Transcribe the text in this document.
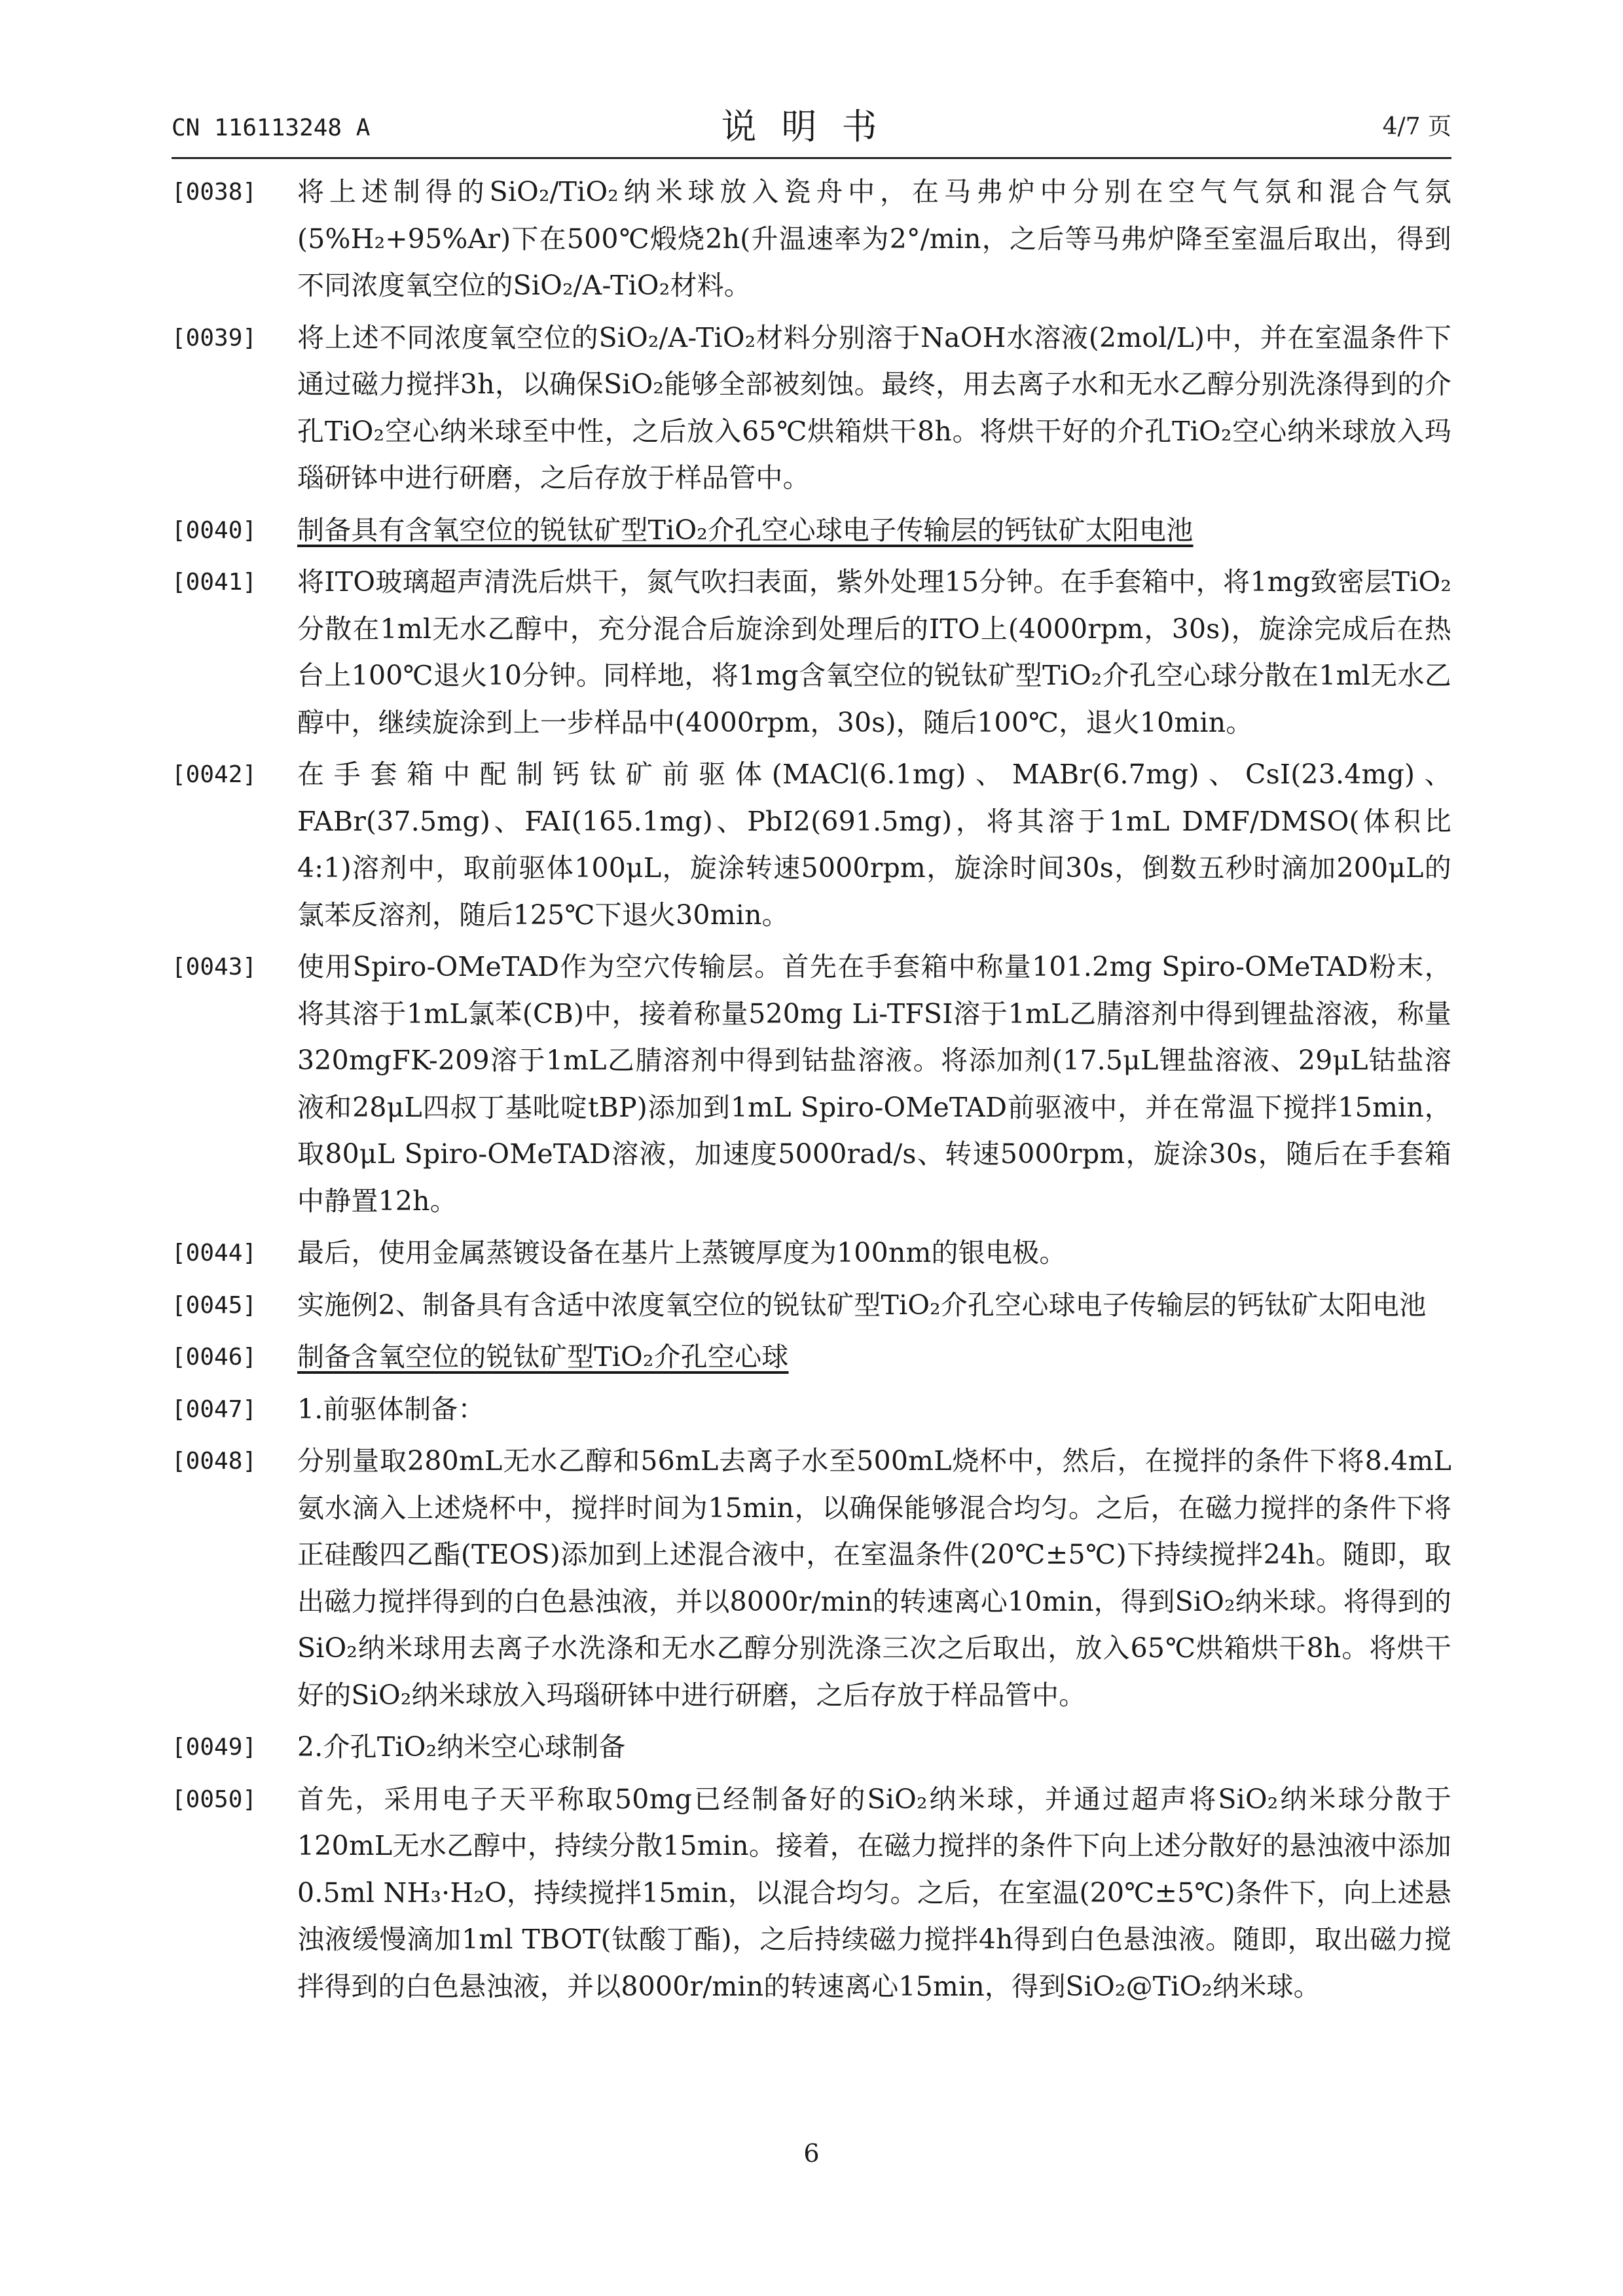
CN 116113248 A	说明书	4/7 页
[0038]	将上述制得的SiO₂/TiO₂纳米球放入瓷舟中，在马弗炉中分别在空气气氛和混合气氛(5%H₂+95%Ar)下在500℃煅烧2h(升温速率为2°/min，之后等马弗炉降至室温后取出，得到不同浓度氧空位的SiO₂/A-TiO₂材料。
[0039]	将上述不同浓度氧空位的SiO₂/A-TiO₂材料分别溶于NaOH水溶液(2mol/L)中，并在室温条件下通过磁力搅拌3h，以确保SiO₂能够全部被刻蚀。最终，用去离子水和无水乙醇分别洗涤得到的介孔TiO₂空心纳米球至中性，之后放入65℃烘箱烘干8h。将烘干好的介孔TiO₂空心纳米球放入玛瑙研钵中进行研磨，之后存放于样品管中。
[0040]	制备具有含氧空位的锐钛矿型TiO₂介孔空心球电子传输层的钙钛矿太阳电池
[0041]	将ITO玻璃超声清洗后烘干，氮气吹扫表面，紫外处理15分钟。在手套箱中，将1mg致密层TiO₂分散在1ml无水乙醇中，充分混合后旋涂到处理后的ITO上(4000rpm，30s)，旋涂完成后在热台上100℃退火10分钟。同样地，将1mg含氧空位的锐钛矿型TiO₂介孔空心球分散在1ml无水乙醇中，继续旋涂到上一步样品中(4000rpm，30s)，随后100℃，退火10min。
[0042]	在手套箱中配制钙钛矿前驱体(MACl(6.1mg)、MABr(6.7mg)、CsI(23.4mg)、FABr(37.5mg)、FAI(165.1mg)、PbI2(691.5mg)，将其溶于1mL DMF/DMSO(体积比4:1)溶剂中，取前驱体100μL，旋涂转速5000rpm，旋涂时间30s，倒数五秒时滴加200μL的氯苯反溶剂，随后125℃下退火30min。
[0043]	使用Spiro-OMeTAD作为空穴传输层。首先在手套箱中称量101.2mg Spiro-OMeTAD粉末，将其溶于1mL氯苯(CB)中，接着称量520mg Li-TFSI溶于1mL乙腈溶剂中得到锂盐溶液，称量320mgFK-209溶于1mL乙腈溶剂中得到钴盐溶液。将添加剂(17.5μL锂盐溶液、29μL钴盐溶液和28μL四叔丁基吡啶tBP)添加到1mL Spiro-OMeTAD前驱液中，并在常温下搅拌15min，取80μL Spiro-OMeTAD溶液，加速度5000rad/s、转速5000rpm，旋涂30s，随后在手套箱中静置12h。
[0044]	最后，使用金属蒸镀设备在基片上蒸镀厚度为100nm的银电极。
[0045]	实施例2、制备具有含适中浓度氧空位的锐钛矿型TiO₂介孔空心球电子传输层的钙钛矿太阳电池
[0046]	制备含氧空位的锐钛矿型TiO₂介孔空心球
[0047]	1.前驱体制备：
[0048]	分别量取280mL无水乙醇和56mL去离子水至500mL烧杯中，然后，在搅拌的条件下将8.4mL氨水滴入上述烧杯中，搅拌时间为15min，以确保能够混合均匀。之后，在磁力搅拌的条件下将正硅酸四乙酯(TEOS)添加到上述混合液中，在室温条件(20℃±5℃)下持续搅拌24h。随即，取出磁力搅拌得到的白色悬浊液，并以8000r/min的转速离心10min，得到SiO₂纳米球。将得到的SiO₂纳米球用去离子水洗涤和无水乙醇分别洗涤三次之后取出，放入65℃烘箱烘干8h。将烘干好的SiO₂纳米球放入玛瑙研钵中进行研磨，之后存放于样品管中。
[0049]	2.介孔TiO₂纳米空心球制备
[0050]	首先，采用电子天平称取50mg已经制备好的SiO₂纳米球，并通过超声将SiO₂纳米球分散于120mL无水乙醇中，持续分散15min。接着，在磁力搅拌的条件下向上述分散好的悬浊液中添加0.5ml NH₃·H₂O，持续搅拌15min，以混合均匀。之后，在室温(20℃±5℃)条件下，向上述悬浊液缓慢滴加1ml TBOT(钛酸丁酯)，之后持续磁力搅拌4h得到白色悬浊液。随即，取出磁力搅拌得到的白色悬浊液，并以8000r/min的转速离心15min，得到SiO₂@TiO₂纳米球。
6
